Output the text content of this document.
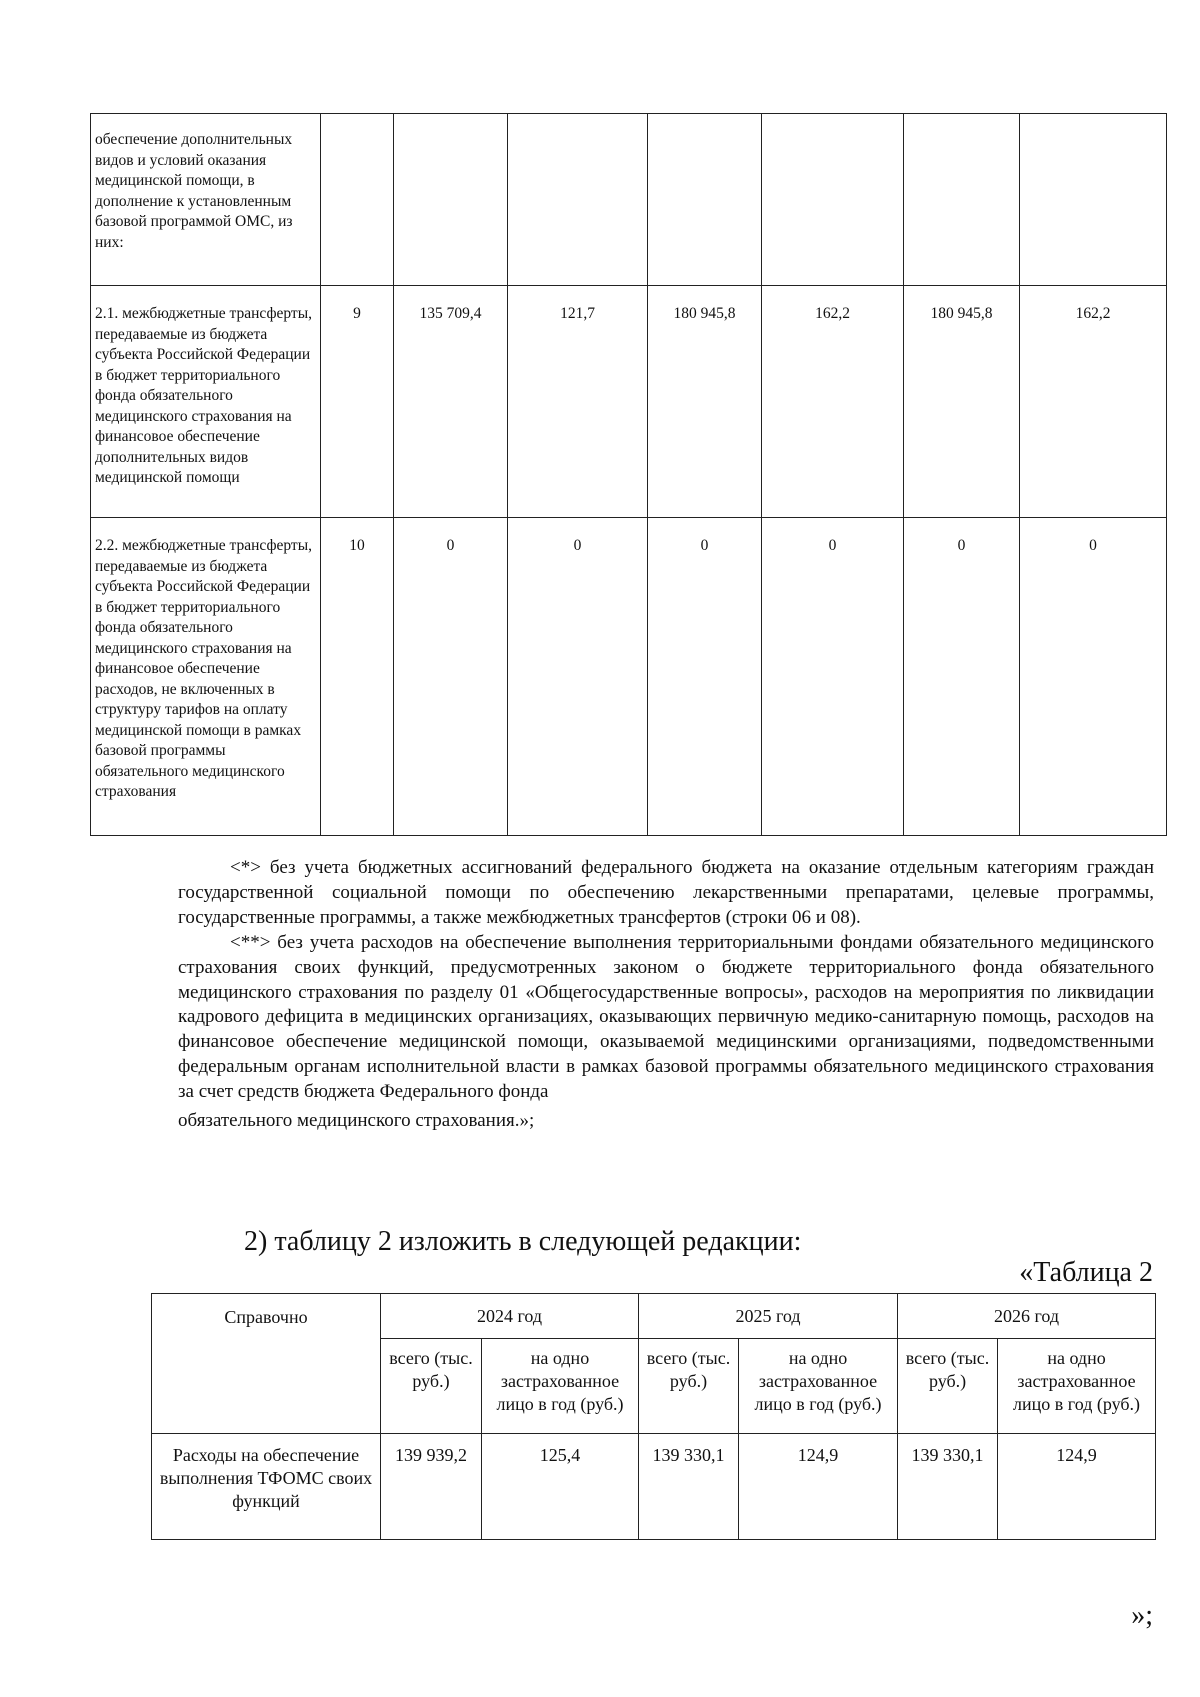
обеспечение дополнительных видов и условий оказания медицинской помощи, в дополнение к установленным базовой программой ОМС, из них:							
2.1. межбюджетные трансферты, передаваемые из бюджета субъекта Российской Федерации в бюджет территориального фонда обязательного медицинского страхования на финансовое обеспечение дополнительных видов медицинской помощи	9	135 709,4	121,7	180 945,8	162,2	180 945,8	162,2
2.2. межбюджетные трансферты, передаваемые из бюджета субъекта Российской Федерации в бюджет территориального фонда обязательного медицинского страхования на финансовое обеспечение расходов, не включенных в структуру тарифов на оплату медицинской помощи в рамках базовой программы обязательного медицинского страхования	10	0	0	0	0	0	0

<*> без учета бюджетных ассигнований федерального бюджета на оказание отдельным категориям граждан государственной социальной помощи по обеспечению лекарственными препаратами, целевые программы, государственные программы, а также межбюджетных трансфертов (строки 06 и 08).

<**> без учета расходов на обеспечение выполнения территориальными фондами обязательного медицинского страхования своих функций, предусмотренных законом о бюджете территориального фонда обязательного медицинского страхования по разделу 01 «Общегосударственные вопросы», расходов на мероприятия по ликвидации кадрового дефицита в медицинских организациях, оказывающих первичную медико-санитарную помощь, расходов на финансовое обеспечение медицинской помощи, оказываемой медицинскими организациями, подведомственными федеральным органам исполнительной власти в рамках базовой программы обязательного медицинского страхования за счет средств бюджета Федерального фонда

обязательного медицинского страхования.»;

2) таблицу 2 изложить в следующей редакции:
«Таблица 2
Справочно	2024 год		2025 год		2026 год	
	всего (тыс. руб.)	на одно застрахованное лицо в год (руб.)	всего (тыс. руб.)	на одно застрахованное лицо в год (руб.)	всего (тыс. руб.)	на одно застрахованное лицо в год (руб.)
Расходы на обеспечение выполнения ТФОМС своих функций	139 939,2	125,4	139 330,1	124,9	139 330,1	124,9
»;
